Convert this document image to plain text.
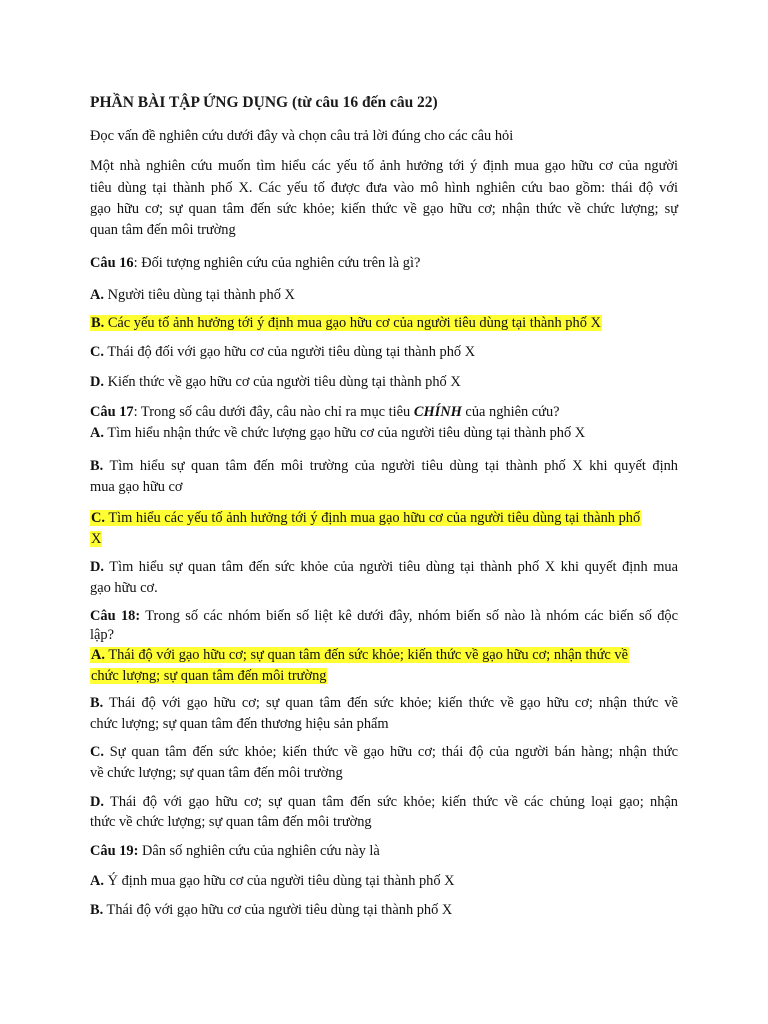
PHẦN BÀI TẬP ỨNG DỤNG (từ câu 16 đến câu 22)
Đọc vấn đề nghiên cứu dưới đây và chọn câu trả lời đúng cho các câu hỏi
Một nhà nghiên cứu muốn tìm hiểu các yếu tố ảnh hưởng tới ý định mua gạo hữu cơ của người
tiêu dùng tại thành phố X. Các yếu tố được đưa vào mô hình nghiên cứu bao gồm: thái độ với
gạo hữu cơ; sự quan tâm đến sức khỏe; kiến thức về gạo hữu cơ; nhận thức về chức lượng; sự
quan tâm đến môi trường
Câu 16: Đối tượng nghiên cứu của nghiên cứu trên là gì?
A. Người tiêu dùng tại thành phố X
B. Các yếu tố ảnh hưởng tới ý định mua gạo hữu cơ của người tiêu dùng tại thành phố X
C. Thái độ đối với gạo hữu cơ của người tiêu dùng tại thành phố X
D. Kiến thức về gạo hữu cơ của người tiêu dùng tại thành phố X
Câu 17: Trong số câu dưới đây, câu nào chỉ ra mục tiêu CHÍNH của nghiên cứu?
A. Tìm hiểu nhận thức về chức lượng gạo hữu cơ của người tiêu dùng tại thành phố X
B. Tìm hiểu sự quan tâm đến môi trường của người tiêu dùng tại thành phố X khi quyết định
mua gạo hữu cơ
C. Tìm hiểu các yếu tố ảnh hưởng tới ý định mua gạo hữu cơ của người tiêu dùng tại thành phố
X
D. Tìm hiểu sự quan tâm đến sức khỏe của người tiêu dùng tại thành phố X khi quyết định mua
gạo hữu cơ.
Câu 18: Trong số các nhóm biến số liệt kê dưới đây, nhóm biến số nào là nhóm các biến số độc
lập?
A. Thái độ với gạo hữu cơ; sự quan tâm đến sức khỏe; kiến thức về gạo hữu cơ; nhận thức về
chức lượng; sự quan tâm đến môi trường
B. Thái độ với gạo hữu cơ; sự quan tâm đến sức khỏe; kiến thức về gạo hữu cơ; nhận thức về
chức lượng; sự quan tâm đến thương hiệu sản phẩm
C. Sự quan tâm đến sức khỏe; kiến thức về gạo hữu cơ; thái độ của người bán hàng; nhận thức
về chức lượng; sự quan tâm đến môi trường
D. Thái độ với gạo hữu cơ; sự quan tâm đến sức khỏe; kiến thức về các chủng loại gạo; nhận
thức về chức lượng; sự quan tâm đến môi trường
Câu 19: Dân số nghiên cứu của nghiên cứu này là
A. Ý định mua gạo hữu cơ của người tiêu dùng tại thành phố X
B. Thái độ với gạo hữu cơ của người tiêu dùng tại thành phố X
